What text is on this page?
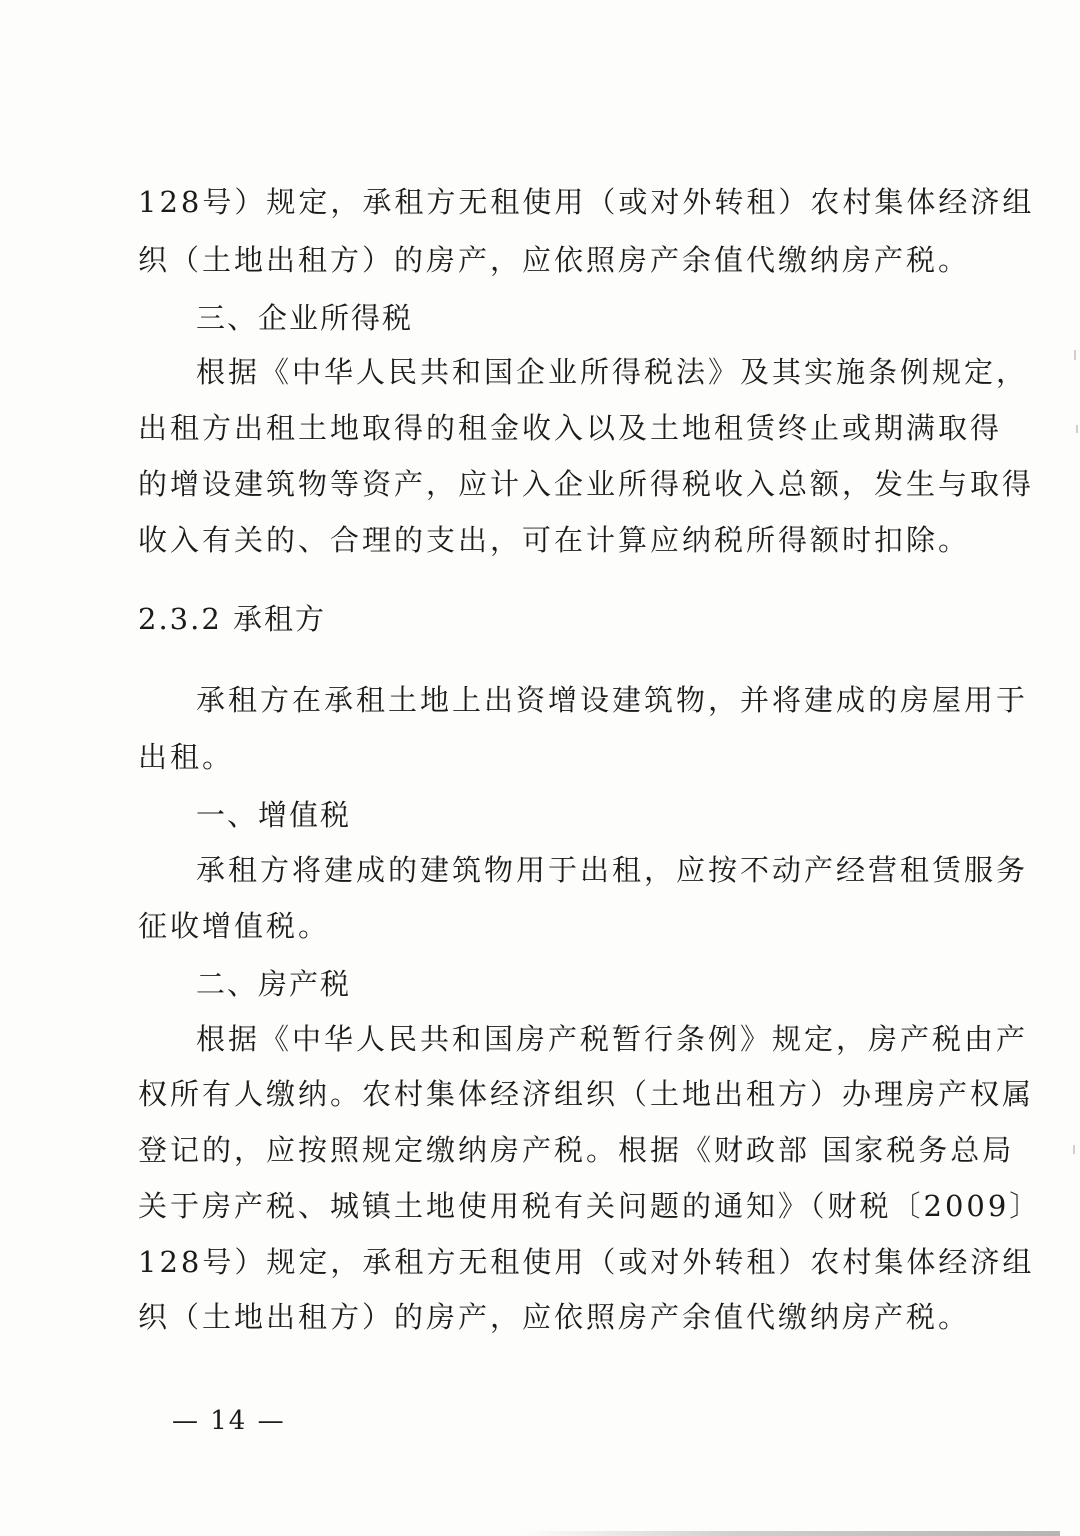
128号）规定，承租方无租使用（或对外转租）农村集体经济组
织（土地出租方）的房产，应依照房产余值代缴纳房产税。
三、企业所得税
根据《中华人民共和国企业所得税法》及其实施条例规定，
出租方出租土地取得的租金收入以及土地租赁终止或期满取得
的增设建筑物等资产，应计入企业所得税收入总额，发生与取得
收入有关的、合理的支出，可在计算应纳税所得额时扣除。
2.3.2 承租方
承租方在承租土地上出资增设建筑物，并将建成的房屋用于
出租。
一、增值税
承租方将建成的建筑物用于出租，应按不动产经营租赁服务
征收增值税。
二、房产税
根据《中华人民共和国房产税暂行条例》规定，房产税由产
权所有人缴纳。农村集体经济组织（土地出租方）办理房产权属
登记的，应按照规定缴纳房产税。根据《财政部 国家税务总局
关于房产税、城镇土地使用税有关问题的通知》（财税〔2009〕
128号）规定，承租方无租使用（或对外转租）农村集体经济组
织（土地出租方）的房产，应依照房产余值代缴纳房产税。
— 14 —
